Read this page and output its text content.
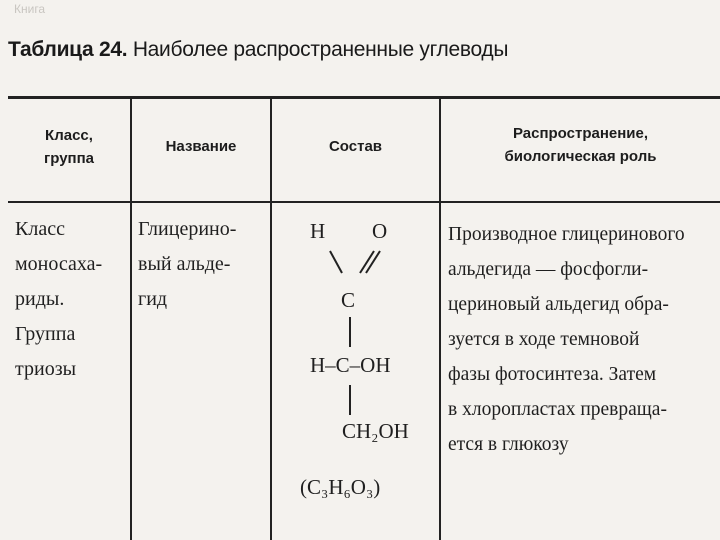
Книга
Таблица 24. Наиболее распространенные углеводы
Класс,
группа
Название	Состав
Распространение,
биологическая роль
Класс
моносаха-
риды.
Группа
триозы
Глицерино-
вый альде-
гид
H O
C
H–C–OH
CH₂OH
(C₃H₆O₃)
Производное глицеринового
альдегида — фосфогли-
цериновый альдегид обра-
зуется в ходе темновой
фазы фотосинтеза. Затем
в хлоропластах превраща-
ется в глюкозу
